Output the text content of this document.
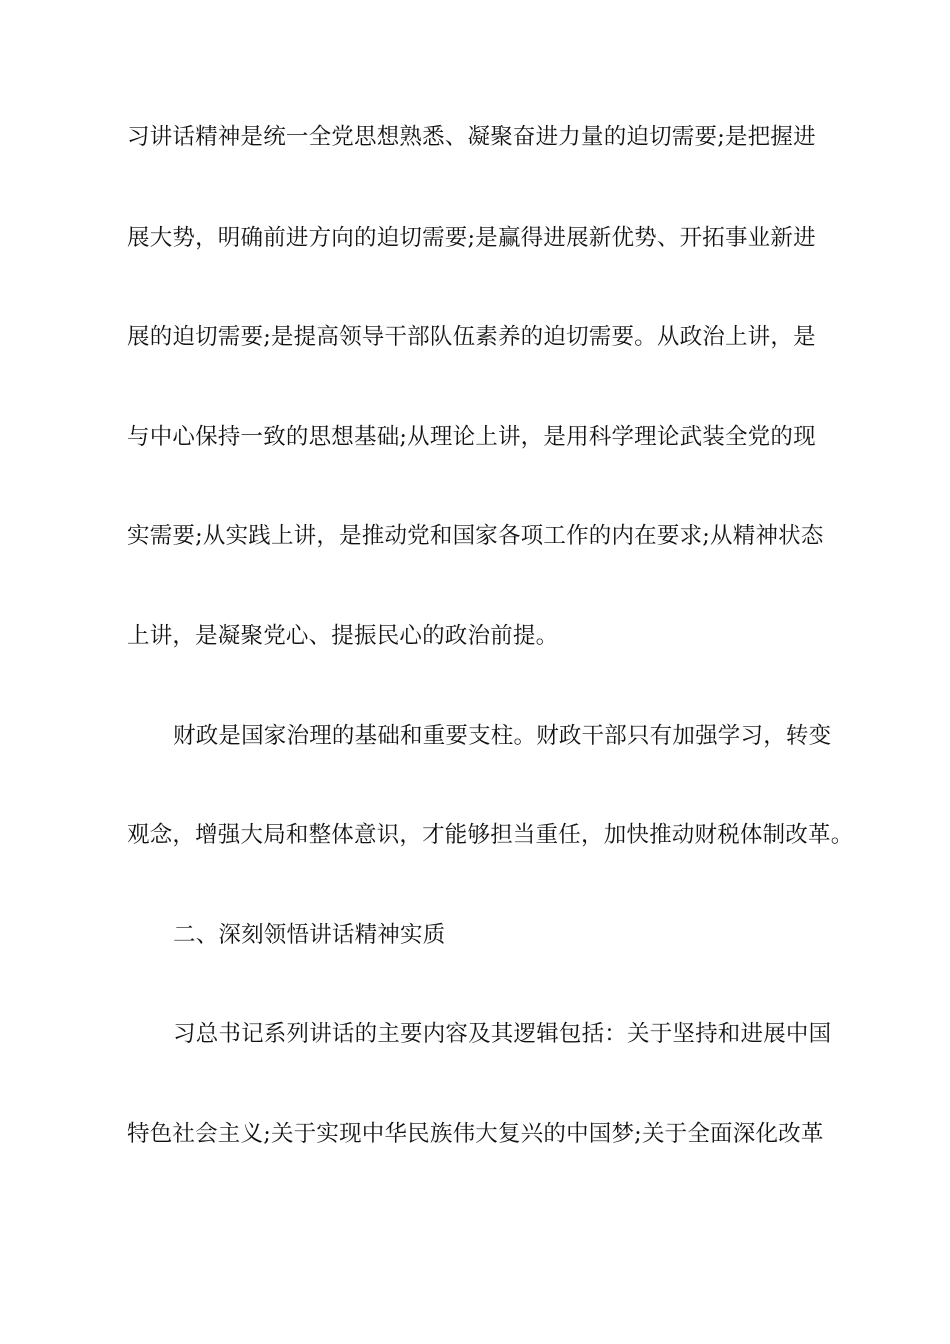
习讲话精神是统一全党思想熟悉、凝聚奋进力量的迫切需要;是把握进
展大势，明确前进方向的迫切需要;是赢得进展新优势、开拓事业新进
展的迫切需要;是提高领导干部队伍素养的迫切需要。从政治上讲，是
与中心保持一致的思想基础;从理论上讲，是用科学理论武装全党的现
实需要;从实践上讲，是推动党和国家各项工作的内在要求;从精神状态
上讲，是凝聚党心、提振民心的政治前提。
财政是国家治理的基础和重要支柱。财政干部只有加强学习，转变
观念，增强大局和整体意识，才能够担当重任，加快推动财税体制改革。
二、深刻领悟讲话精神实质
习总书记系列讲话的主要内容及其逻辑包括：关于坚持和进展中国
特色社会主义;关于实现中华民族伟大复兴的中国梦;关于全面深化改革
